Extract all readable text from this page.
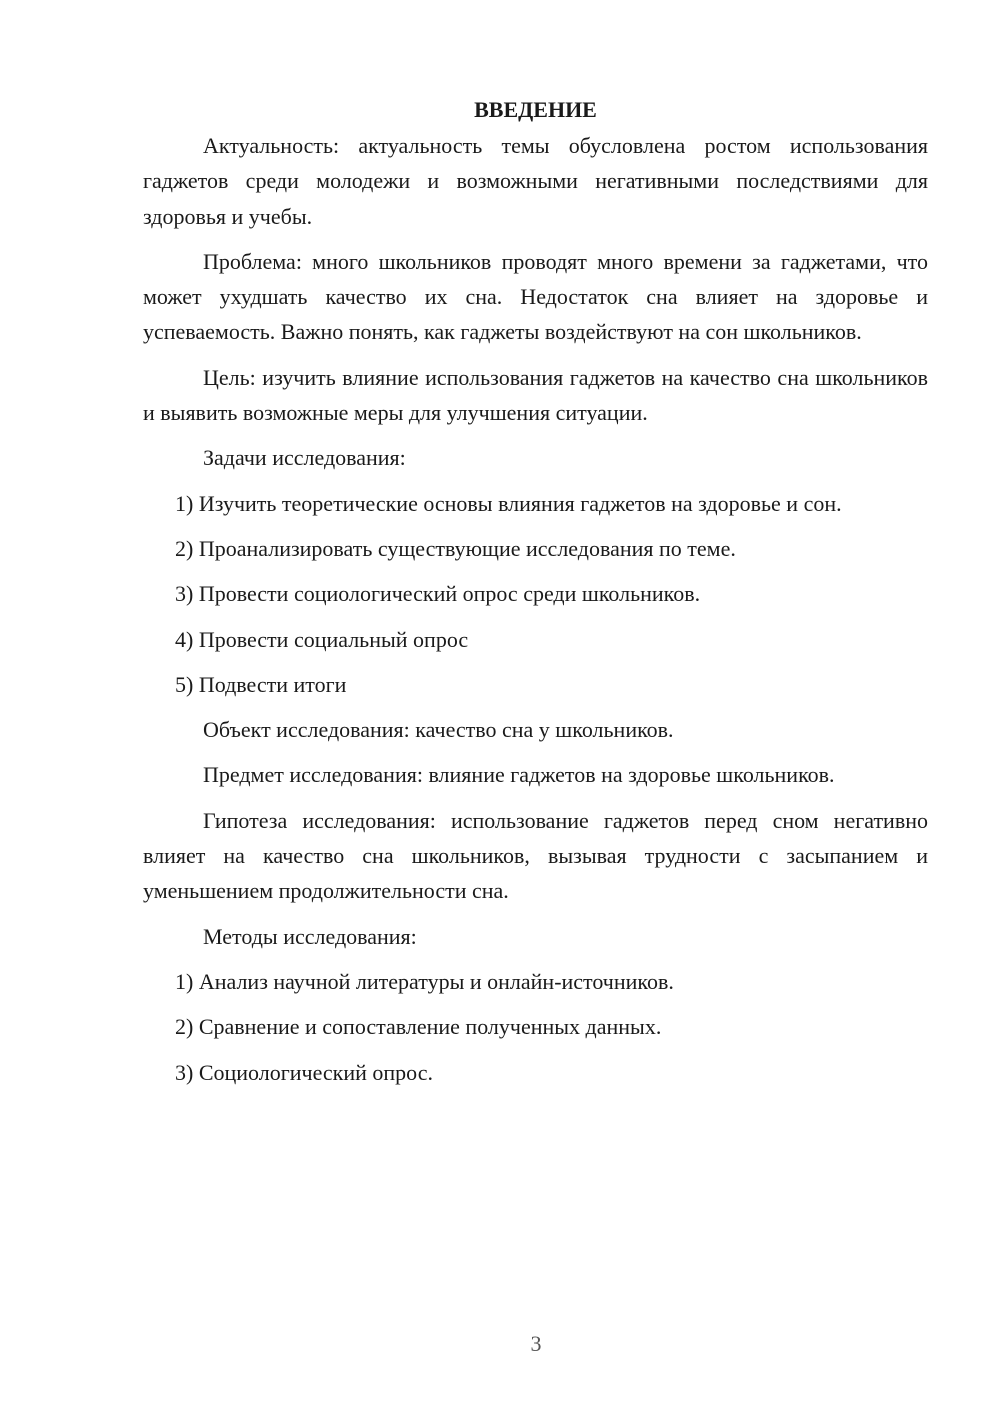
ВВЕДЕНИЕ

Актуальность: актуальность темы обусловлена ростом использования гаджетов среди молодежи и возможными негативными последствиями для здоровья и учебы.

Проблема: много школьников проводят много времени за гаджетами, что может ухудшать качество их сна. Недостаток сна влияет на здоровье и успеваемость. Важно понять, как гаджеты воздействуют на сон школьников.

Цель: изучить влияние использования гаджетов на качество сна школьников и выявить возможные меры для улучшения ситуации.

Задачи исследования:

1) Изучить теоретические основы влияния гаджетов на здоровье и сон.
2) Проанализировать существующие исследования по теме.
3) Провести социологический опрос среди школьников.
4) Провести социальный опрос
5) Подвести итоги

Объект исследования: качество сна у школьников.

Предмет исследования: влияние гаджетов на здоровье школьников.

Гипотеза исследования: использование гаджетов перед сном негативно влияет на качество сна школьников, вызывая трудности с засыпанием и уменьшением продолжительности сна.

Методы исследования:

1) Анализ научной литературы и онлайн-источников.
2) Сравнение и сопоставление полученных данных.
3) Социологический опрос.
3
